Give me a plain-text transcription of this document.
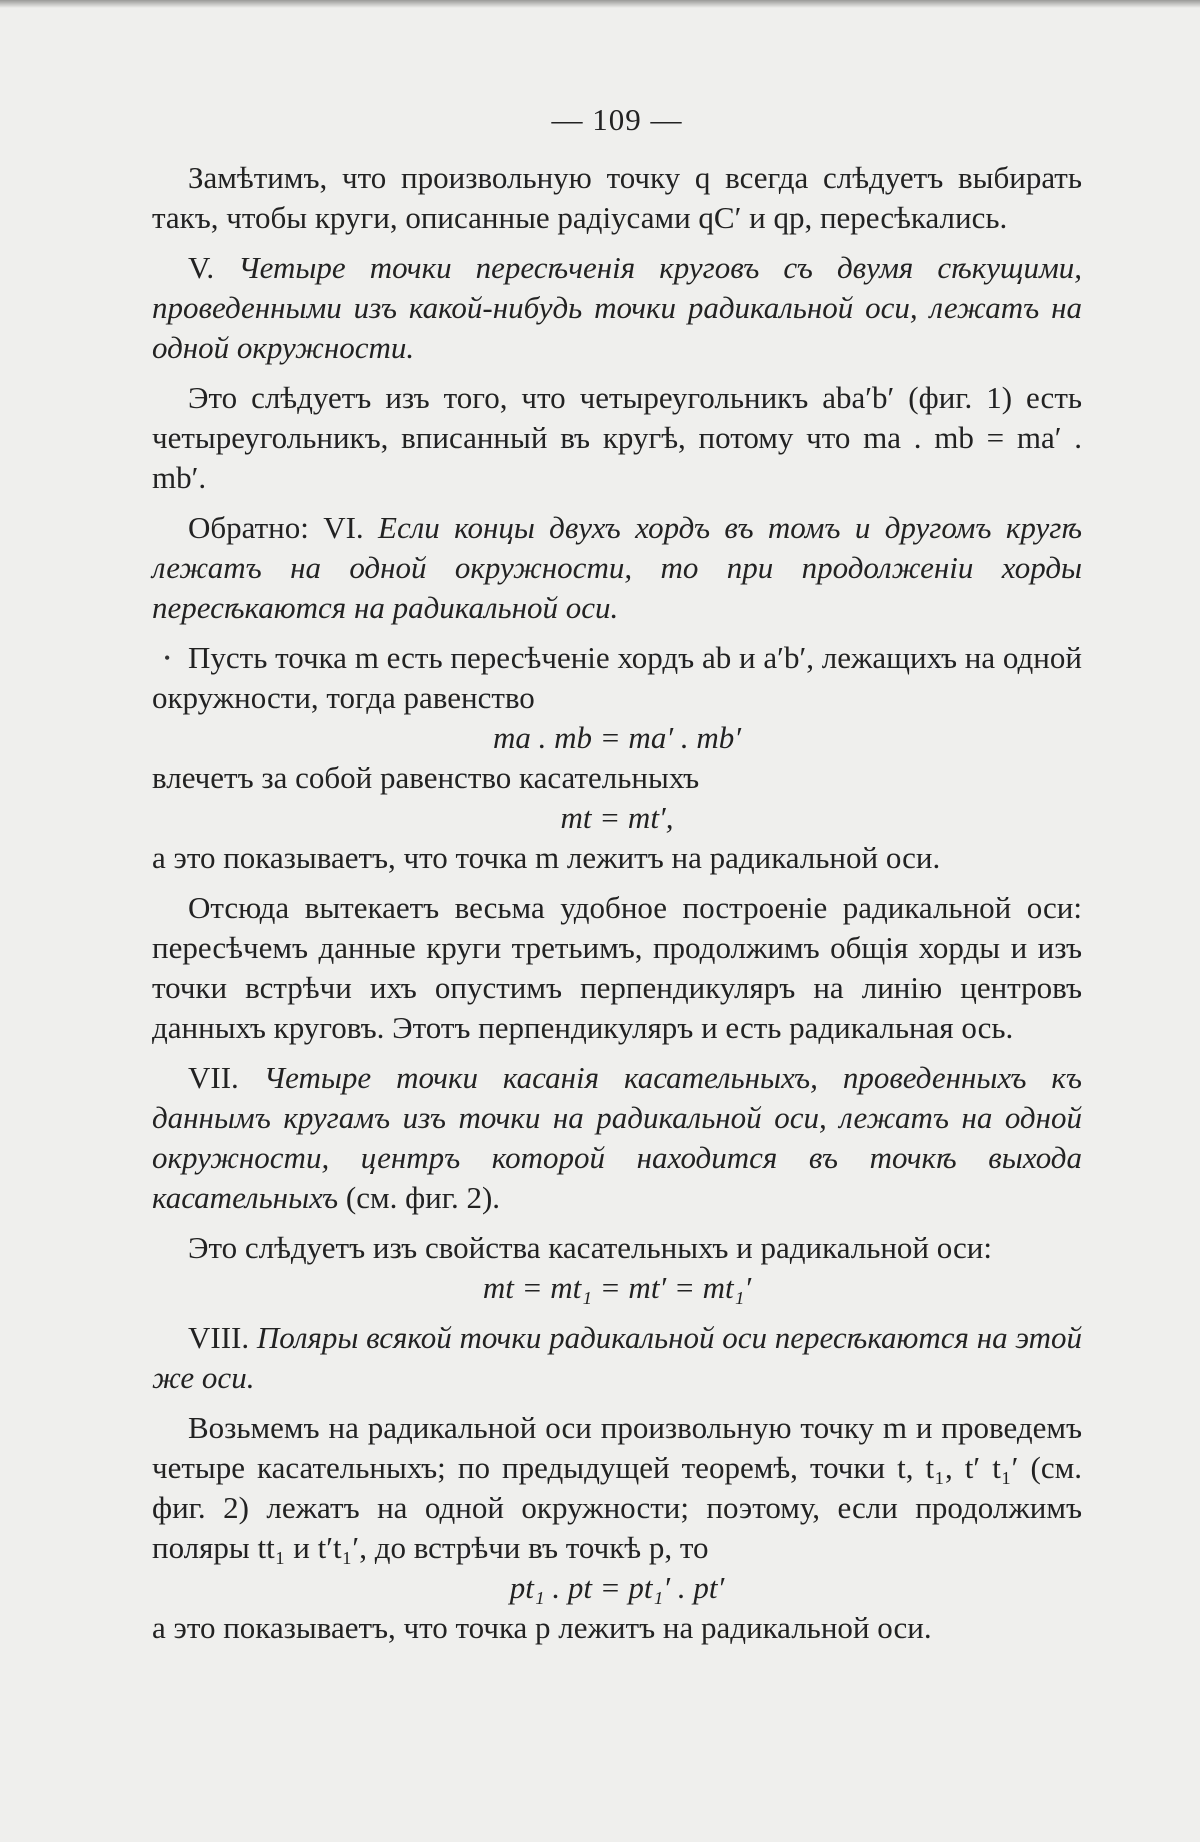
— 109 —

Замѣтимъ, что произвольную точку q всегда слѣдуетъ выбирать такъ, чтобы круги, описанные радіусами qC′ и qp, пересѣкались.

V. Четыре точки пересѣченія круговъ съ двумя сѣкущими, проведенными изъ какой-нибудь точки радикальной оси, лежатъ на одной окружности.

Это слѣдуетъ изъ того, что четыреугольникъ aba′b′ (фиг. 1) есть четыреугольникъ, вписанный въ кругѣ, потому что ma . mb = ma′ . mb′.

Обратно: VI. Если концы двухъ хордъ въ томъ и другомъ кругѣ лежатъ на одной окружности, то при продолженіи хорды пересѣкаются на радикальной оси.

• Пусть точка m есть пересѣченіе хордъ ab и a′b′, лежащихъ на одной окружности, тогда равенство

ma . mb = ma′ . mb′

влечетъ за собой равенство касательныхъ

mt = mt′,

а это показываетъ, что точка m лежитъ на радикальной оси.

Отсюда вытекаетъ весьма удобное построеніе радикальной оси: пересѣчемъ данные круги третьимъ, продолжимъ общія хорды и изъ точки встрѣчи ихъ опустимъ перпендикуляръ на линію центровъ данныхъ круговъ. Этотъ перпендикуляръ и есть радикальная ось.

VII. Четыре точки касанія касательныхъ, проведенныхъ къ даннымъ кругамъ изъ точки на радикальной оси, лежатъ на одной окружности, центръ которой находится въ точкѣ выхода касательныхъ (см. фиг. 2).

Это слѣдуетъ изъ свойства касательныхъ и радикальной оси:

mt = mt₁ = mt′ = mt₁′

VIII. Поляры всякой точки радикальной оси пересѣкаются на этой же оси.

Возьмемъ на радикальной оси произвольную точку m и проведемъ четыре касательныхъ; по предыдущей теоремѣ, точки t, t₁, t′ t₁′ (см. фиг. 2) лежатъ на одной окружности; поэтому, если продолжимъ поляры tt₁ и t′t₁′, до встрѣчи въ точкѣ p, то

pt₁ . pt = pt₁′ . pt′

а это показываетъ, что точка p лежитъ на радикальной оси.
